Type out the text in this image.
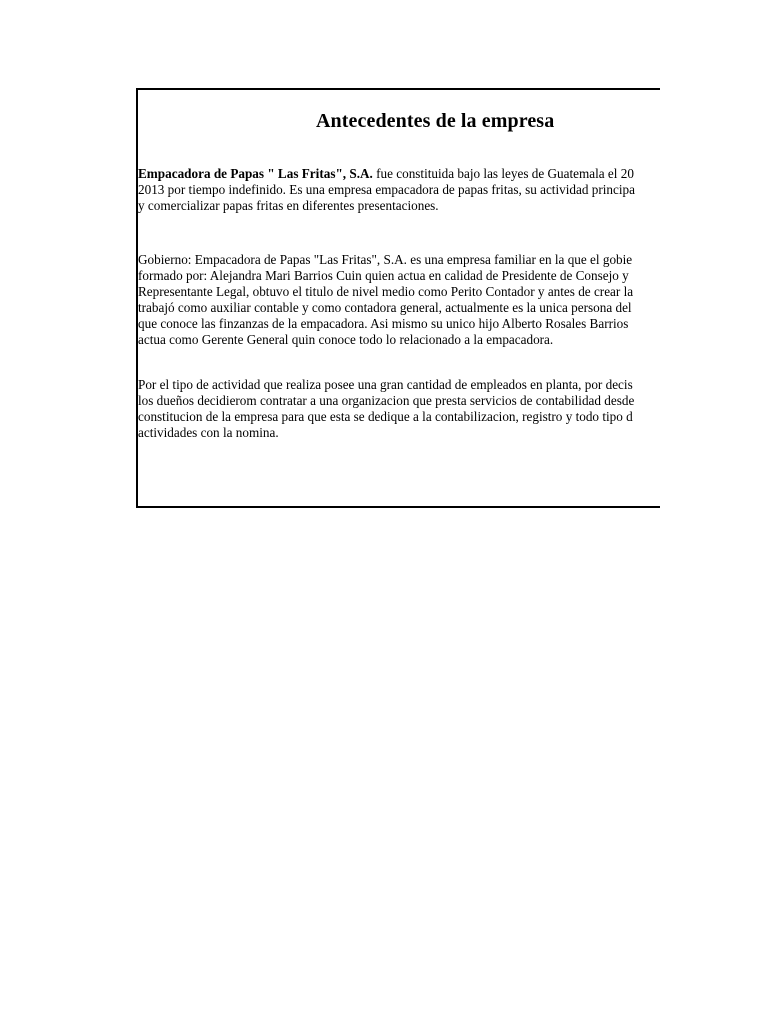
Antecedentes de la empresa
Empacadora de Papas " Las Fritas", S.A. fue constituida bajo las leyes de Guatemala el 20
2013 por tiempo indefinido. Es una empresa empacadora de papas fritas, su actividad principa
y comercializar papas fritas en diferentes presentaciones.
Gobierno: Empacadora de Papas "Las Fritas", S.A. es una empresa familiar en la que el gobie
formado por: Alejandra Mari Barrios Cuin quien actua en calidad de Presidente de Consejo y
Representante Legal, obtuvo el titulo de nivel medio como Perito Contador y antes de crear la
trabajó como auxiliar contable y como contadora general, actualmente es la unica persona del
que conoce las finzanzas de la empacadora. Asi mismo su unico hijo Alberto Rosales Barrios
actua como Gerente General quin conoce todo lo relacionado a la empacadora.
Por el tipo de actividad que realiza posee una gran cantidad de empleados en planta, por decis
los dueños decidierom contratar a una organizacion que presta servicios de contabilidad desde
constitucion de la empresa para que esta se dedique a la contabilizacion, registro y todo tipo d
actividades con la nomina.
